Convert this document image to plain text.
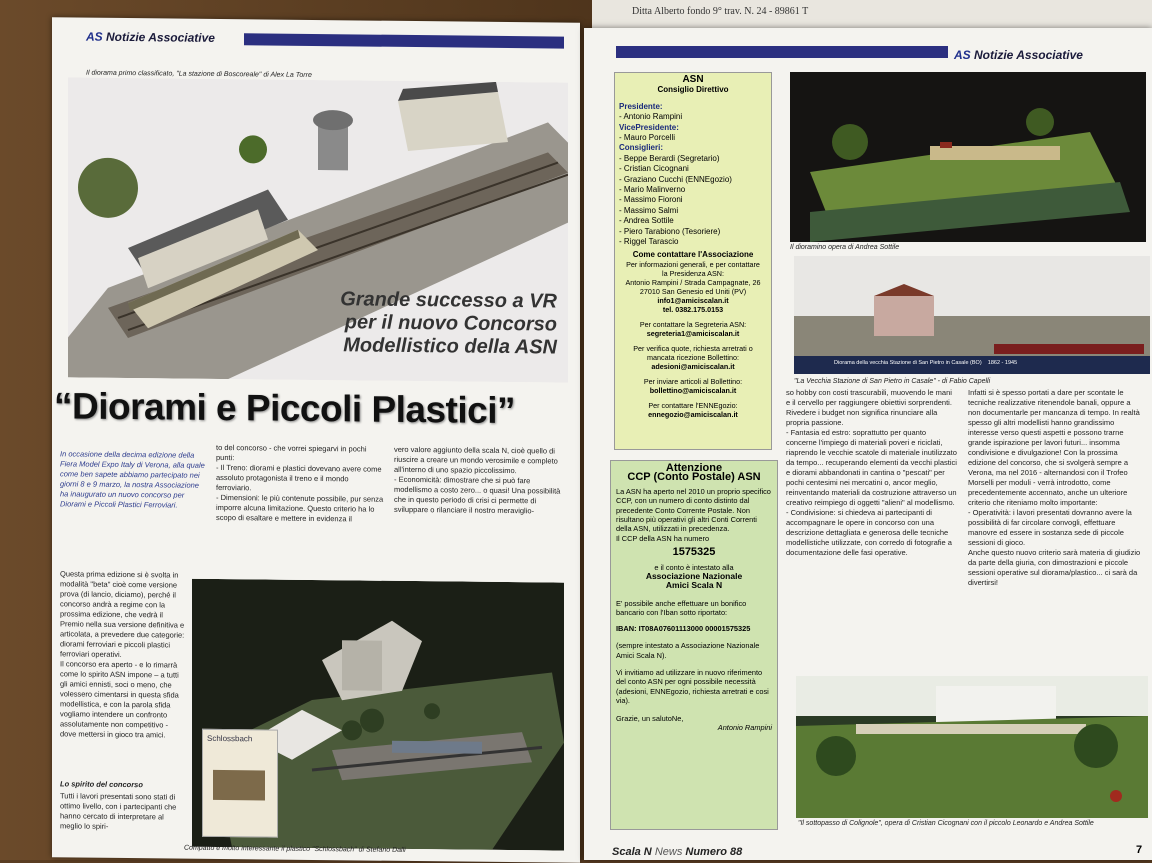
Ditta Alberto fondo 9° trav. N. 24 - 89861 T
AS Notizie Associative
Il diorama primo classificato, "La stazione di Boscoreale" di Alex La Torre
Grande successo a VR
per il nuovo Concorso
Modellistico della ASN
“Diorami e Piccoli Plastici”
In occasione della decima edizione della Fiera Model Expo Italy di Verona, alla quale come ben sapete abbiamo partecipato nei giorni 8 e 9 marzo, la nostra Associazione ha inaugurato un nuovo concorso per Diorami e Piccoli Plastici Ferroviari.
to del concorso - che vorrei spiegarvi in pochi punti:
- Il Treno: diorami e plastici dovevano avere come assoluto protagonista il treno e il mondo ferroviario.
- Dimensioni: le più contenute possibile, pur senza imporre alcuna limitazione. Questo criterio ha lo scopo di esaltare e mettere in evidenza il
vero valore aggiunto della scala N, cioè quello di riuscire a creare un mondo verosimile e completo all'interno di uno spazio piccolissimo.
- Economicità: dimostrare che si può fare modellismo a costo zero... o quasi! Una possibilità che in questo periodo di crisi ci permette di sviluppare o rilanciare il nostro meraviglio-
Questa prima edizione si è svolta in modalità "beta" cioè come versione prova (di lancio, diciamo), perché il concorso andrà a regime con la prossima edizione, che vedrà il Premio nella sua versione definitiva e articolata, a prevedere due categorie: diorami ferroviari e piccoli plastici ferroviari operativi.
Il concorso era aperto - e lo rimarrà come lo spirito ASN impone – a tutti gli amici ennisti, soci o meno, che volessero cimentarsi in questa sfida modellistica, e con la parola sfida vogliamo intendere un confronto assolutamente non competitivo - dove mettersi in gioco tra amici.
Lo spirito del concorso
Tutti i lavori presentati sono stati di ottimo livello, con i partecipanti che hanno cercato di interpretare al meglio lo spiri-
Schlossbach
Compatto e molto interessante il plastico "Schlossbach" di Stefano Dalli
AS Notizie Associative
ASN
Consiglio Direttivo
Presidente:
- Antonio Rampini
VicePresidente:
- Mauro Porcelli
Consiglieri:
- Beppe Berardi (Segretario)
- Cristian Cicognani
- Graziano Cucchi (ENNEgozio)
- Mario Malinverno
- Massimo Fioroni
- Massimo Salmi
- Andrea Sottile
- Piero Tarabiono (Tesoriere)
- Riggel Tarascio
Come contattare l'Associazione
Per informazioni generali, e per contattare
la Presidenza ASN:
Antonio Rampini / Strada Campagnate, 26
27010 San Genesio ed Uniti (PV)
info1@amiciscalan.it
tel. 0382.175.0153
Per contattare la Segreteria ASN:
segreteria1@amiciscalan.it
Per verifica quote, richiesta arretrati o
mancata ricezione Bollettino:
adesioni@amiciscalan.it
Per inviare articoli al Bollettino:
bollettino@amiciscalan.it
Per contattare l'ENNEgozio:
ennegozio@amiciscalan.it
Attenzione
CCP (Conto Postale) ASN
La ASN ha aperto nel 2010 un proprio specifico CCP, con un numero di conto distinto dal precedente Conto Corrente Postale. Non risultano più operativi gli altri Conti Correnti della ASN, utilizzati in precedenza.
Il CCP della ASN ha numero
1575325
e il conto è intestato alla
Associazione Nazionale
Amici Scala N
E' possibile anche effettuare un bonifico bancario con l'Iban sotto riportato:
IBAN: IT08A07601113000 00001575325
(sempre intestato a Associazione Nazionale Amici Scala N).
Vi invitiamo ad utilizzare in nuovo riferimento del conto ASN per ogni possibile necessità (adesioni, ENNEgozio, richiesta arretrati e cosi via).
Grazie, un salutoNe,
Antonio Rampini
Il dioramino opera di Andrea Sottile
Diorama della vecchia Stazione di San Pietro in Casale (BO)    1862 - 1945
"La Vecchia Stazione di San Pietro in Casale" - di Fabio Capelli
so hobby con costi trascurabili, muovendo le mani e il cervello per raggiungere obiettivi sorprendenti. Rivedere i budget non significa rinunciare alla propria passione.
- Fantasia ed estro: soprattutto per quanto concerne l'impiego di materiali poveri e riciclati, riaprendo le vecchie scatole di materiale inutilizzato da tempo... recuperando elementi da vecchi plastici e diorami abbandonati in cantina o "pescati" per pochi centesimi nei mercatini o, ancor meglio, reinventando materiali da costruzione attraverso un creativo reimpiego di oggetti "alieni" al modellismo.
- Condivisione: si chiedeva ai partecipanti di accompagnare le opere in concorso con una descrizione dettagliata e generosa delle tecniche modellistiche utilizzate, con corredo di fotografie a documentazione delle fasi operative.
Infatti si è spesso portati a dare per scontate le tecniche realizzative ritenendole banali, oppure a non documentarle per mancanza di tempo. In realtà spesso gli altri modellisti hanno grandissimo interesse verso questi aspetti e possono trarne grande ispirazione per lavori futuri... insomma condivisione e divulgazione! Con la prossima edizione del concorso, che si svolgerà sempre a Verona, ma nel 2016 - alternandosi con il Trofeo Morselli per moduli - verrà introdotto, come precedentemente accennato, anche un ulteriore criterio che riteniamo molto importante:
- Operatività: i lavori presentati dovranno avere la possibilità di far circolare convogli, effettuare manovre ed essere in sostanza sede di piccole sessioni di gioco.
Anche questo nuovo criterio sarà materia di giudizio da parte della giuria, con dimostrazioni e piccole sessioni operative sul diorama/plastico... ci sarà da divertirsi!
"Il sottopasso di Colignole", opera di Cristian Cicognani con il piccolo Leonardo e Andrea Sottile
Scala N News Numero 88	7
